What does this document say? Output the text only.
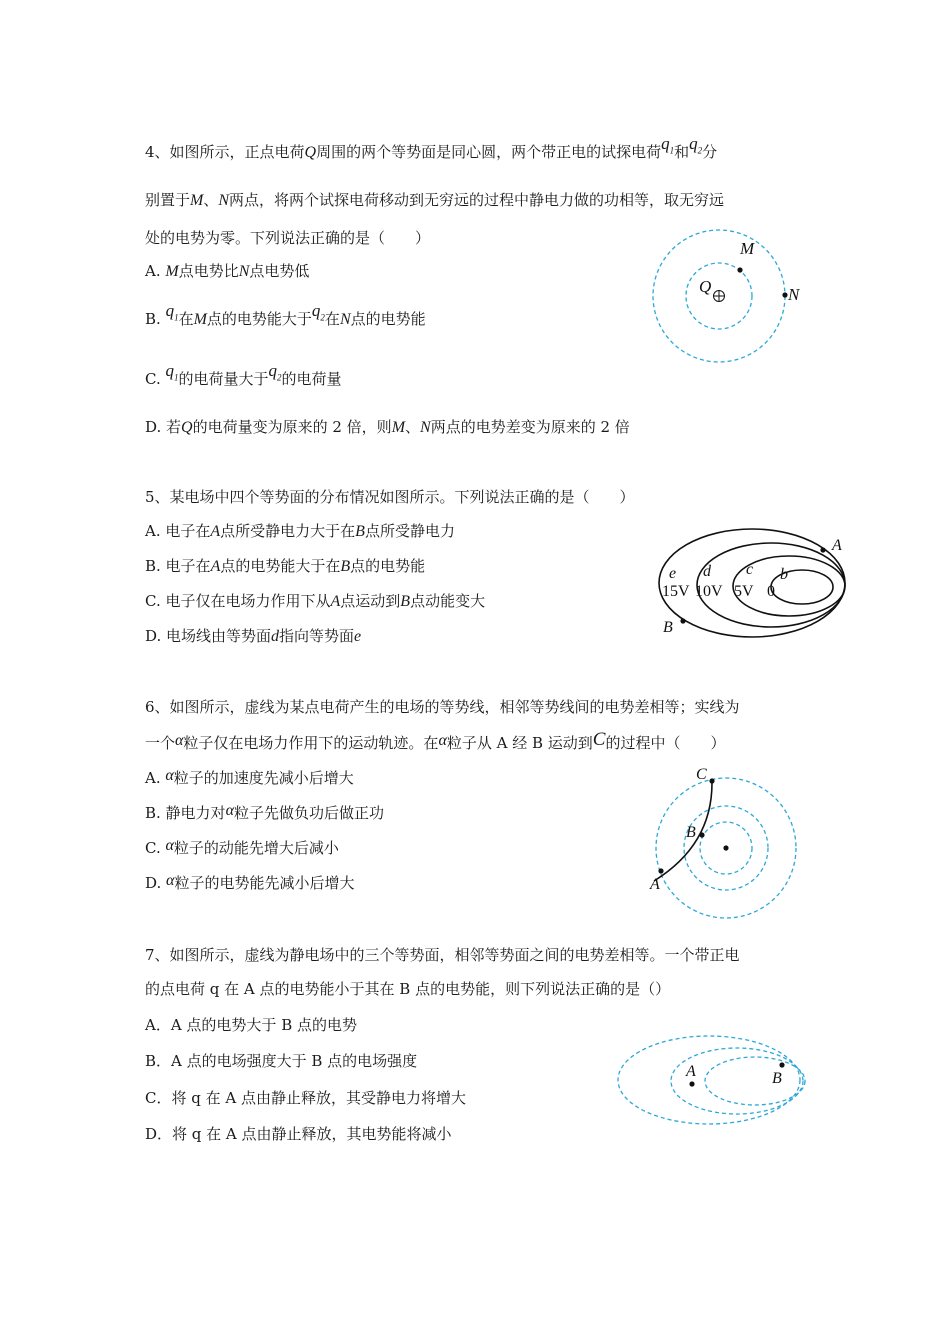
4、如图所示，正点电荷Q周围的两个等势面是同心圆，两个带正电的试探电荷$q_1$和$q_2$分
别置于M、N两点，将两个试探电荷移动到无穷远的过程中静电力做的功相等，取无穷远
处的电势为零。下列说法正确的是（　　）
A. M点电势比N点电势低
B. $q_1$在M点的电势能大于$q_2$在N点的电势能
C. $q_1$的电荷量大于$q_2$的电荷量
D. 若Q的电荷量变为原来的 2 倍，则M、N两点的电势差变为原来的 2 倍
M
N
Q
5、某电场中四个等势面的分布情况如图所示。下列说法正确的是（　　）
A. 电子在A点所受静电力大于在B点所受静电力
B. 电子在A点的电势能大于在B点的电势能
C. 电子仅在电场力作用下从A点运动到B点动能变大
D. 电场线由等势面d指向等势面e
A
B
e d c b
15V 10V 5V 0
6、如图所示，虚线为某点电荷产生的电场的等势线，相邻等势线间的电势差相等；实线为
一个α粒子仅在电场力作用下的运动轨迹。在α粒子从 A 经 B 运动到C的过程中（　　）
A. α粒子的加速度先减小后增大
B. 静电力对α粒子先做负功后做正功
C. α粒子的动能先增大后减小
D. α粒子的电势能先减小后增大	A
B
C
7、如图所示，虚线为静电场中的三个等势面，相邻等势面之间的电势差相等。一个带正电
的点电荷 q 在 A 点的电势能小于其在 B 点的电势能，则下列说法正确的是（）
A．A 点的电势大于 B 点的电势
B．A 点的电场强度大于 B 点的电场强度
C．将 q 在 A 点由静止释放，其受静电力将增大
D．将 q 在 A 点由静止释放，其电势能将减小
A	B
